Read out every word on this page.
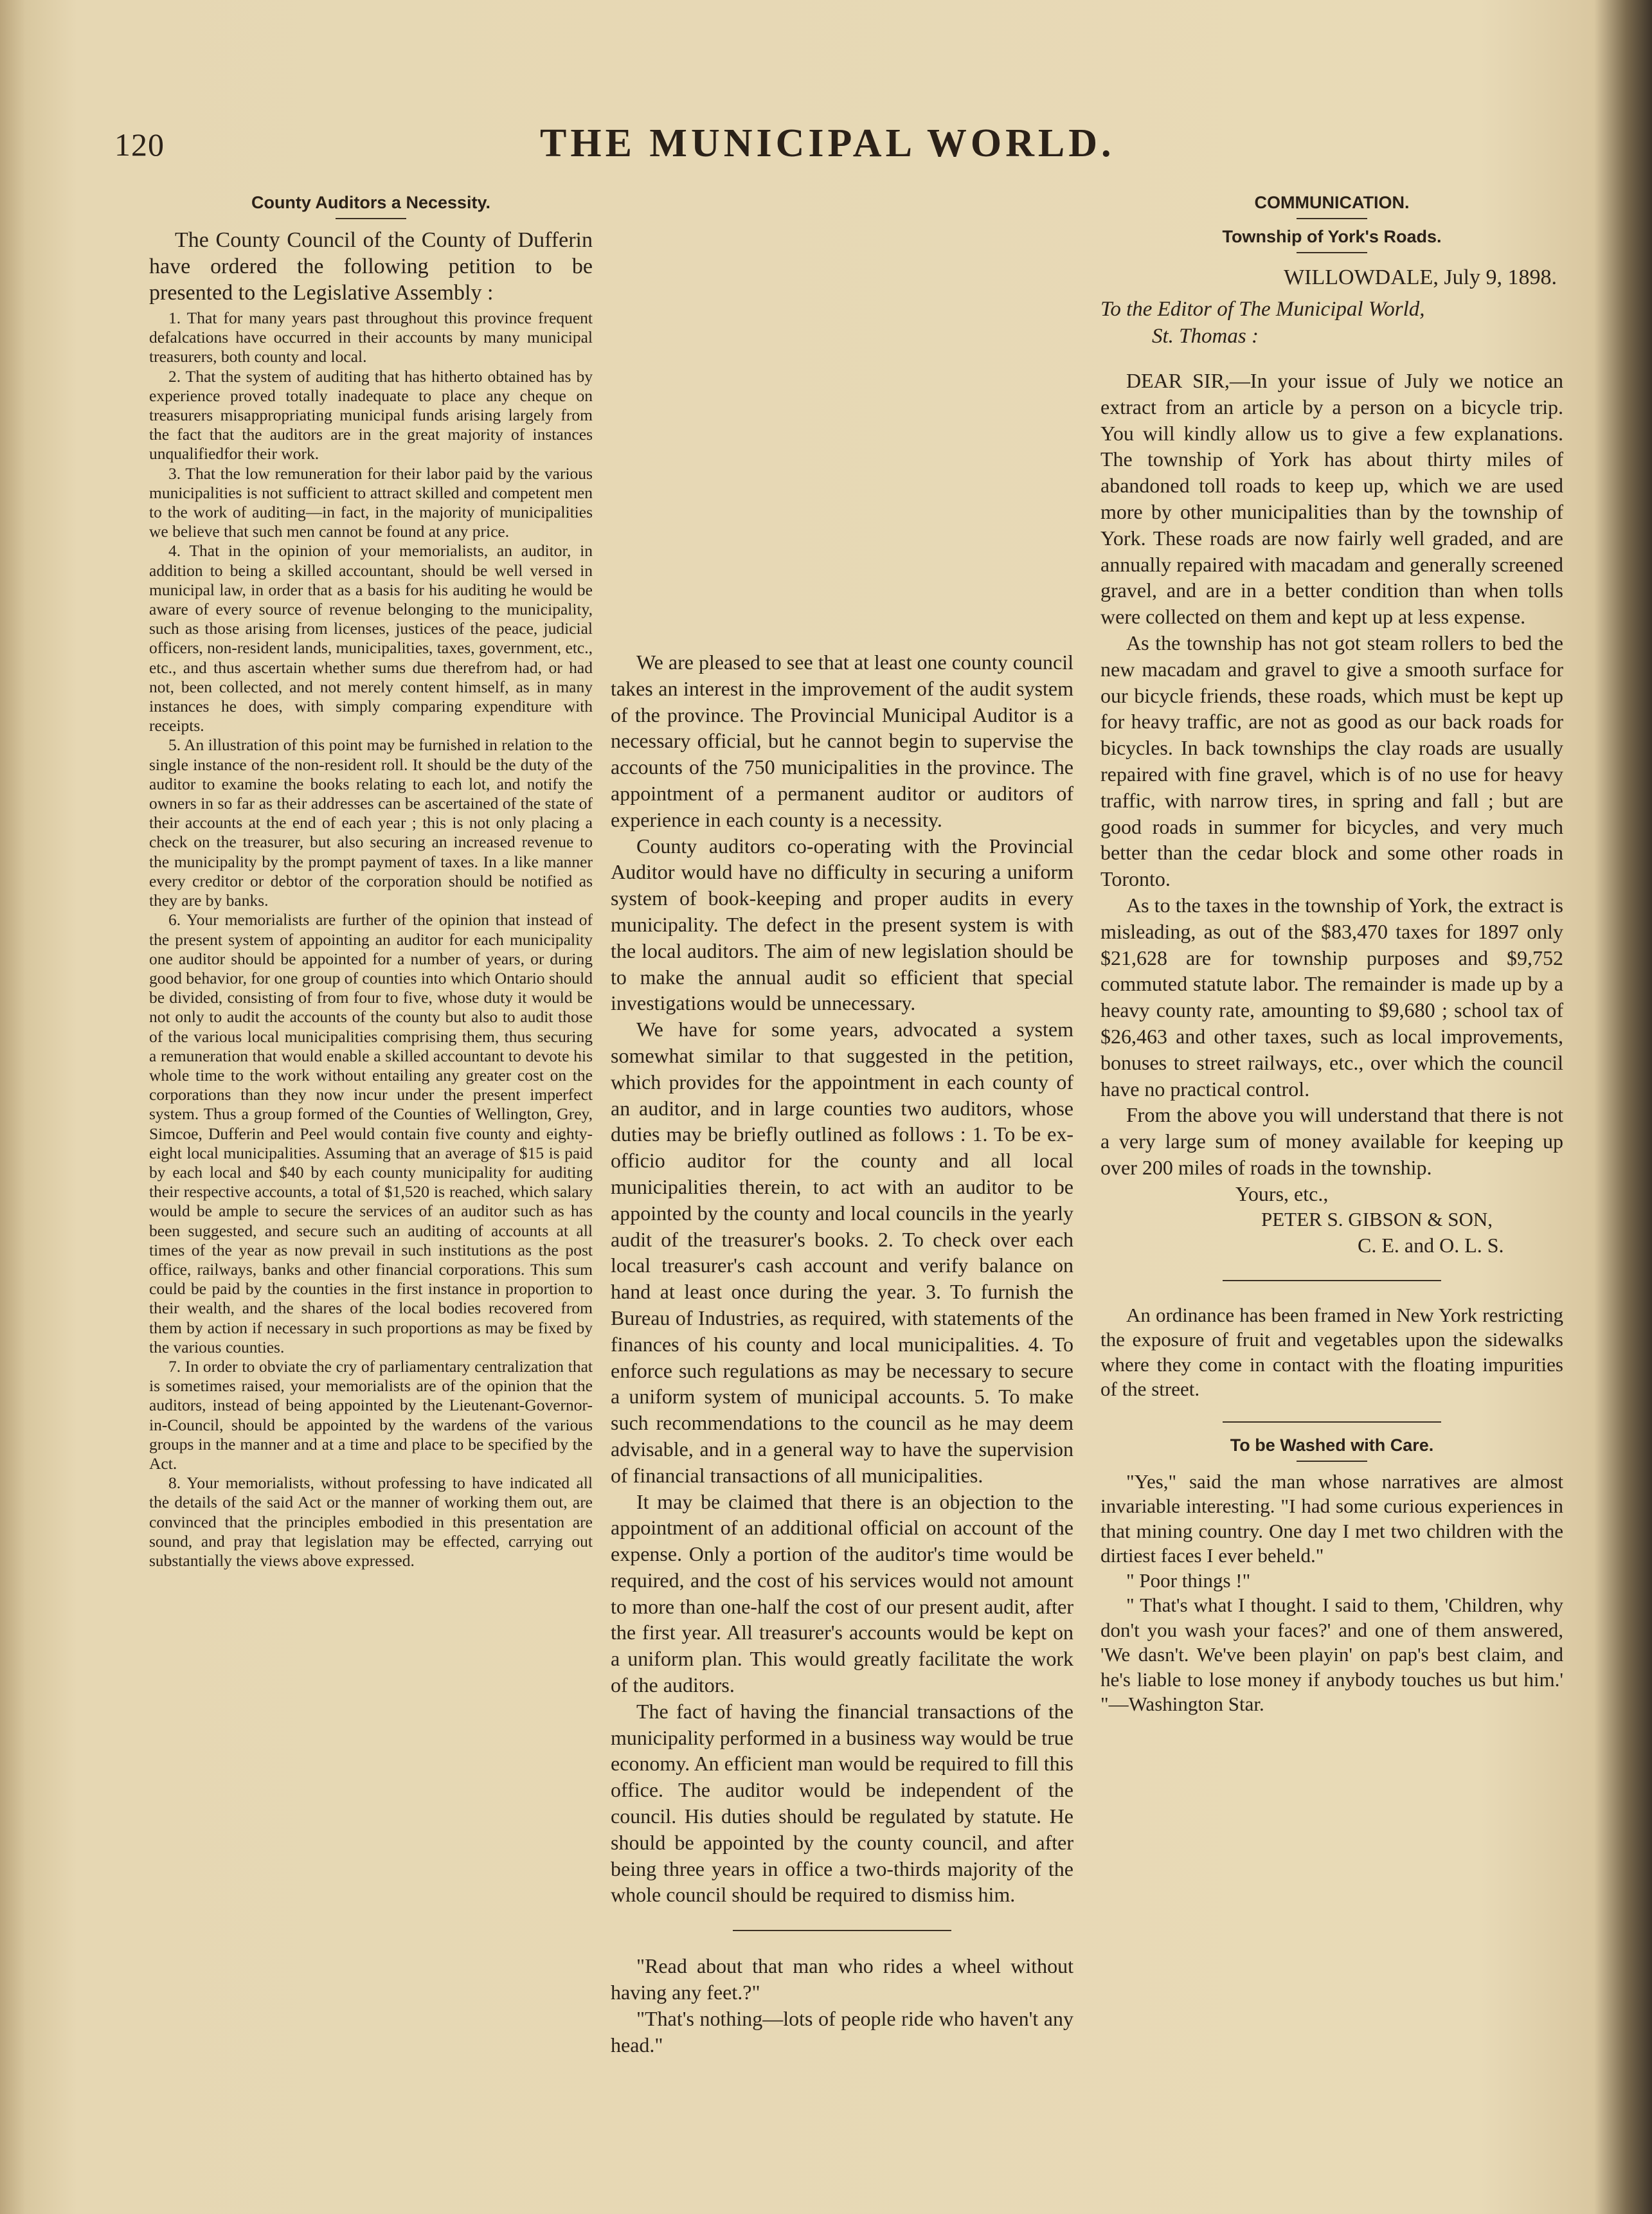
120	THE MUNICIPAL WORLD.
County Auditors a Necessity.

The County Council of the County of Dufferin have ordered the following petition to be presented to the Legislative Assembly :

1. That for many years past throughout this province frequent defalcations have occurred in their accounts by many municipal treasurers, both county and local.

2. That the system of auditing that has hitherto obtained has by experience proved totally inadequate to place any cheque on treasurers misappropriating municipal funds arising largely from the fact that the auditors are in the great majority of instances unqualifiedfor their work.

3. That the low remuneration for their labor paid by the various municipalities is not sufficient to attract skilled and competent men to the work of auditing—in fact, in the majority of municipalities we believe that such men cannot be found at any price.

4. That in the opinion of your memorialists, an auditor, in addition to being a skilled accountant, should be well versed in municipal law, in order that as a basis for his auditing he would be aware of every source of revenue belonging to the municipality, such as those arising from licenses, justices of the peace, judicial officers, non-resident lands, municipalities, taxes, government, etc., etc., and thus ascertain whether sums due therefrom had, or had not, been collected, and not merely content himself, as in many instances he does, with simply comparing expenditure with receipts.

5. An illustration of this point may be furnished in relation to the single instance of the non-resident roll. It should be the duty of the auditor to examine the books relating to each lot, and notify the owners in so far as their addresses can be ascertained of the state of their accounts at the end of each year ; this is not only placing a check on the treasurer, but also securing an increased revenue to the municipality by the prompt payment of taxes. In a like manner every creditor or debtor of the corporation should be notified as they are by banks.

6. Your memorialists are further of the opinion that instead of the present system of appointing an auditor for each municipality one auditor should be appointed for a number of years, or during good behavior, for one group of counties into which Ontario should be divided, consisting of from four to five, whose duty it would be not only to audit the accounts of the county but also to audit those of the various local municipalities comprising them, thus securing a remuneration that would enable a skilled accountant to devote his whole time to the work without entailing any greater cost on the corporations than they now incur under the present imperfect system. Thus a group formed of the Counties of Wellington, Grey, Simcoe, Dufferin and Peel would contain five county and eighty-eight local municipalities. Assuming that an average of $15 is paid by each local and $40 by each county municipality for auditing their respective accounts, a total of $1,520 is reached, which salary would be ample to secure the services of an auditor such as has been suggested, and secure such an auditing of accounts at all times of the year as now prevail in such institutions as the post office, railways, banks and other financial corporations. This sum could be paid by the counties in the first instance in proportion to their wealth, and the shares of the local bodies recovered from them by action if necessary in such proportions as may be fixed by the various counties.

7. In order to obviate the cry of parliamentary centralization that is sometimes raised, your memorialists are of the opinion that the auditors, instead of being appointed by the Lieutenant-Governor-in-Council, should be appointed by the wardens of the various groups in the manner and at a time and place to be specified by the Act.

8. Your memorialists, without professing to have indicated all the details of the said Act or the manner of working them out, are convinced that the principles embodied in this presentation are sound, and pray that legislation may be effected, carrying out substantially the views above expressed.

We are pleased to see that at least one county council takes an interest in the improvement of the audit system of the province. The Provincial Municipal Auditor is a necessary official, but he cannot begin to supervise the accounts of the 750 municipalities in the province. The appointment of a permanent auditor or auditors of experience in each county is a necessity.

County auditors co-operating with the Provincial Auditor would have no difficulty in securing a uniform system of book-keeping and proper audits in every municipality. The defect in the present system is with the local auditors. The aim of new legislation should be to make the annual audit so efficient that special investigations would be unnecessary.

We have for some years, advocated a system somewhat similar to that suggested in the petition, which provides for the appointment in each county of an auditor, and in large counties two auditors, whose duties may be briefly outlined as follows : 1. To be ex-officio auditor for the county and all local municipalities therein, to act with an auditor to be appointed by the county and local councils in the yearly audit of the treasurer's books. 2. To check over each local treasurer's cash account and verify balance on hand at least once during the year. 3. To furnish the Bureau of Industries, as required, with statements of the finances of his county and local municipalities. 4. To enforce such regulations as may be necessary to secure a uniform system of municipal accounts. 5. To make such recommendations to the council as he may deem advisable, and in a general way to have the supervision of financial transactions of all municipalities.

It may be claimed that there is an objection to the appointment of an additional official on account of the expense. Only a portion of the auditor's time would be required, and the cost of his services would not amount to more than one-half the cost of our present audit, after the first year. All treasurer's accounts would be kept on a uniform plan. This would greatly facilitate the work of the auditors.

The fact of having the financial transactions of the municipality performed in a business way would be true economy. An efficient man would be required to fill this office. The auditor would be independent of the council. His duties should be regulated by statute. He should be appointed by the county council, and after being three years in office a two-thirds majority of the whole council should be required to dismiss him.

"Read about that man who rides a wheel without having any feet.?"

"That's nothing—lots of people ride who haven't any head."

COMMUNICATION.
Township of York's Roads.

WILLOWDALE, July 9, 1898.

To the Editor of The Municipal World,

St. Thomas :

DEAR SIR,—In your issue of July we notice an extract from an article by a person on a bicycle trip. You will kindly allow us to give a few explanations. The township of York has about thirty miles of abandoned toll roads to keep up, which we are used more by other municipalities than by the township of York. These roads are now fairly well graded, and are annually repaired with macadam and generally screened gravel, and are in a better condition than when tolls were collected on them and kept up at less expense.

As the township has not got steam rollers to bed the new macadam and gravel to give a smooth surface for our bicycle friends, these roads, which must be kept up for heavy traffic, are not as good as our back roads for bicycles. In back townships the clay roads are usually repaired with fine gravel, which is of no use for heavy traffic, with narrow tires, in spring and fall ; but are good roads in summer for bicycles, and very much better than the cedar block and some other roads in Toronto.

As to the taxes in the township of York, the extract is misleading, as out of the $83,470 taxes for 1897 only $21,628 are for township purposes and $9,752 commuted statute labor. The remainder is made up by a heavy county rate, amounting to $9,680 ; school tax of $26,463 and other taxes, such as local improvements, bonuses to street railways, etc., over which the council have no practical control.

From the above you will understand that there is not a very large sum of money available for keeping up over 200 miles of roads in the township.

Yours, etc.,

PETER S. GIBSON & SON,

C. E. and O. L. S.

An ordinance has been framed in New York restricting the exposure of fruit and vegetables upon the sidewalks where they come in contact with the floating impurities of the street.

To be Washed with Care.

"Yes," said the man whose narratives are almost invariable interesting. "I had some curious experiences in that mining country. One day I met two children with the dirtiest faces I ever beheld."

" Poor things !"

" That's what I thought. I said to them, 'Children, why don't you wash your faces?' and one of them answered, 'We dasn't. We've been playin' on pap's best claim, and he's liable to lose money if anybody touches us but him.' "—Washington Star.
